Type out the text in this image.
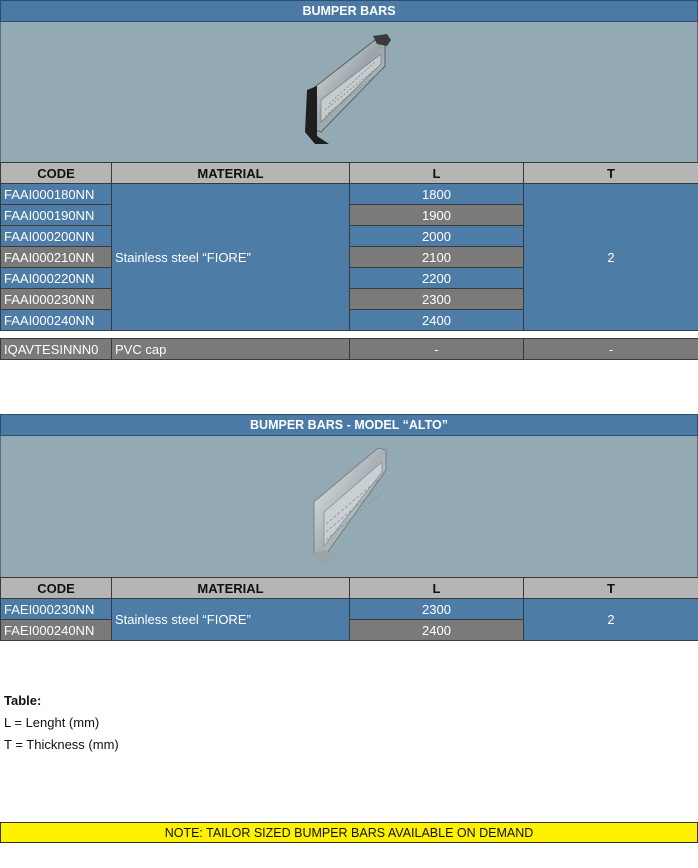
BUMPER BARS
CODE	MATERIAL	L	T
FAAI000180NN	Stainless steel “FIORE”	1800	2
FAAI000190NN		1900	
FAAI000200NN		2000	
FAAI000210NN		2100	
FAAI000220NN		2200	
FAAI000230NN		2300	
FAAI000240NN		2400	

IQAVTESINNN0	PVC cap	-	-
BUMPER BARS - MODEL “ALTO”
CODE	MATERIAL	L	T
FAEI000230NN	Stainless steel “FIORE”	2300	2
FAEI000240NN		2400	
Table:
L = Lenght (mm)
T = Thickness (mm)
NOTE: TAILOR SIZED BUMPER BARS AVAILABLE ON DEMAND
